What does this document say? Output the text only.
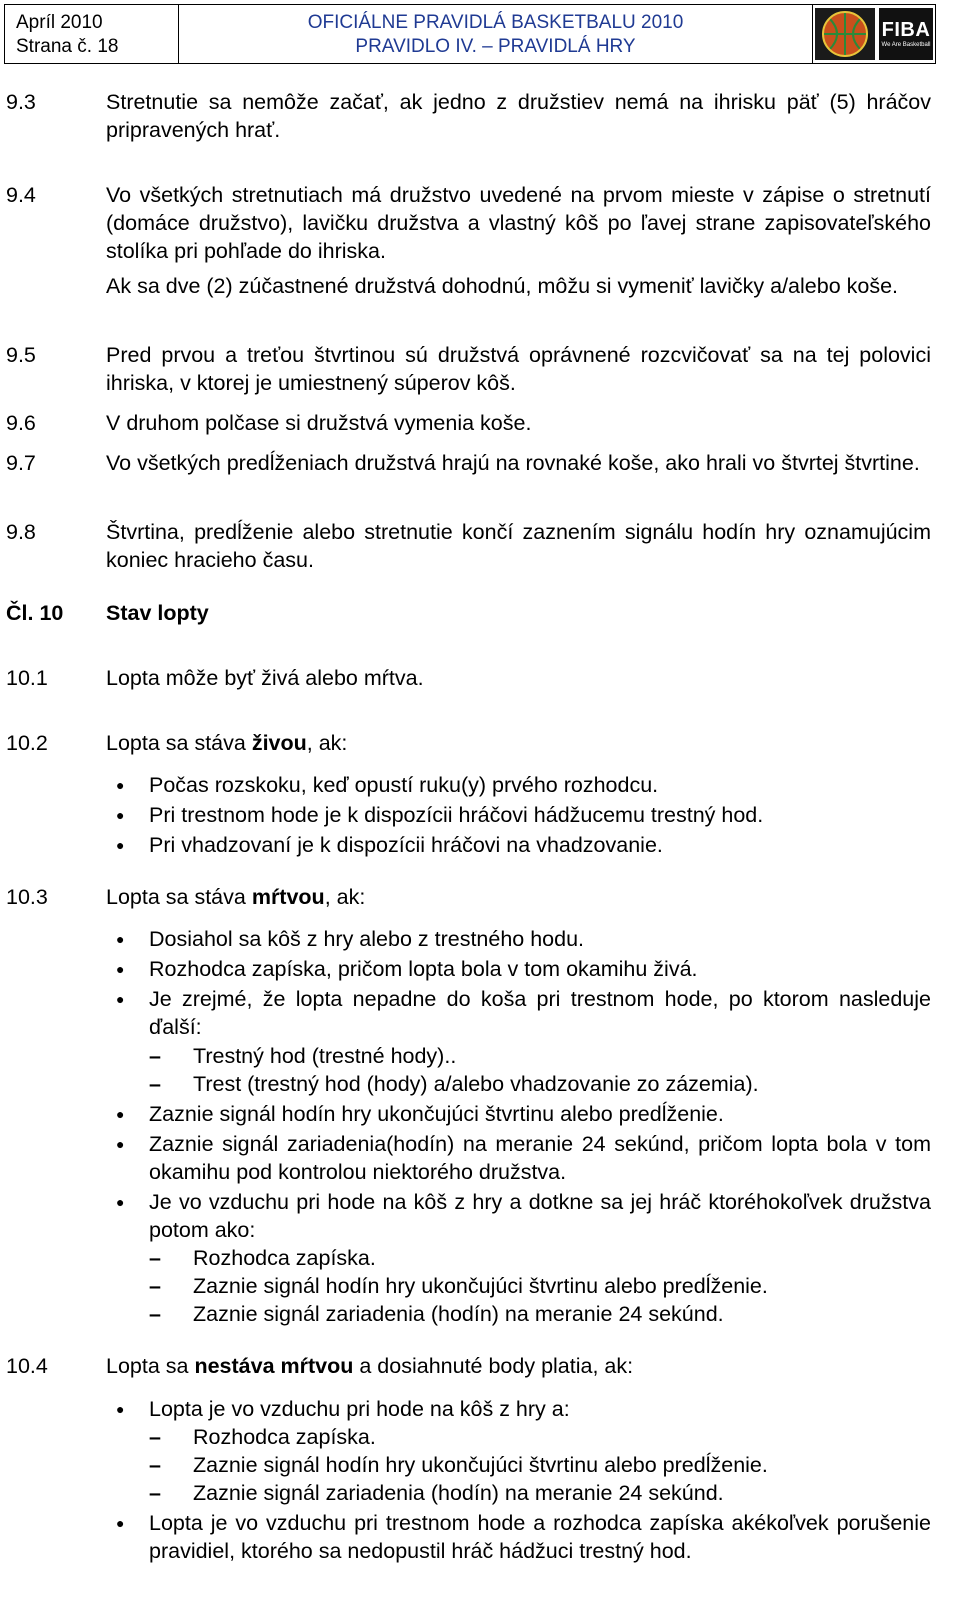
Apríl 2010
Strana č. 18
OFICIÁLNE PRAVIDLÁ BASKETBALU 2010
PRAVIDLO IV. – PRAVIDLÁ HRY
FIBA
We Are Basketball
9.3	Stretnutie sa nemôže začať, ak jedno z družstiev nemá na ihrisku päť (5) hráčov pripravených hrať.
9.4	Vo všetkých stretnutiach má družstvo uvedené na prvom mieste v zápise o stretnutí (domáce družstvo), lavičku družstva a vlastný kôš po ľavej strane zapisovateľského stolíka pri pohľade do ihriska.
Ak sa dve (2) zúčastnené družstvá dohodnú, môžu si vymeniť lavičky a/alebo koše.
9.5	Pred prvou a treťou štvrtinou sú družstvá oprávnené rozcvičovať sa na tej polovici ihriska, v ktorej je umiestnený súperov kôš.
9.6	V druhom polčase si družstvá vymenia koše.
9.7	Vo všetkých predĺženiach družstvá hrajú na rovnaké koše, ako hrali vo štvrtej štvrtine.
9.8	Štvrtina, predĺženie alebo stretnutie končí zaznením signálu hodín hry oznamujúcim koniec hracieho času.
Čl. 10 Stav lopty
10.1	Lopta môže byť živá alebo mŕtva.
10.2	Lopta sa stáva živou, ak:
● Počas rozskoku, keď opustí ruku(y) prvého rozhodcu.
● Pri trestnom hode je k dispozícii hráčovi hádžucemu trestný hod.
● Pri vhadzovaní je k dispozícii hráčovi na vhadzovanie.
10.3	Lopta sa stáva mŕtvou, ak:
● Dosiahol sa kôš z hry alebo z trestného hodu.
● Rozhodca zapíska, pričom lopta bola v tom okamihu živá.
● Je zrejmé, že lopta nepadne do koša pri trestnom hode, po ktorom nasleduje ďalší:
– Trestný hod (trestné hody)..
– Trest (trestný hod (hody) a/alebo vhadzovanie zo zázemia).
● Zaznie signál hodín hry ukončujúci štvrtinu alebo predĺženie.
● Zaznie signál zariadenia(hodín) na meranie 24 sekúnd, pričom lopta bola v tom okamihu pod kontrolou niektorého družstva.
● Je vo vzduchu pri hode na kôš z hry a dotkne sa jej hráč ktoréhokoľvek družstva potom ako:
– Rozhodca zapíska.
– Zaznie signál hodín hry ukončujúci štvrtinu alebo predĺženie.
– Zaznie signál zariadenia (hodín) na meranie 24 sekúnd.
10.4	Lopta sa nestáva mŕtvou a dosiahnuté body platia, ak:
● Lopta je vo vzduchu pri hode na kôš z hry a:
– Rozhodca zapíska.
– Zaznie signál hodín hry ukončujúci štvrtinu alebo predĺženie.
– Zaznie signál zariadenia (hodín) na meranie 24 sekúnd.
● Lopta je vo vzduchu pri trestnom hode a rozhodca zapíska akékoľvek porušenie pravidiel, ktorého sa nedopustil hráč hádžuci trestný hod.
